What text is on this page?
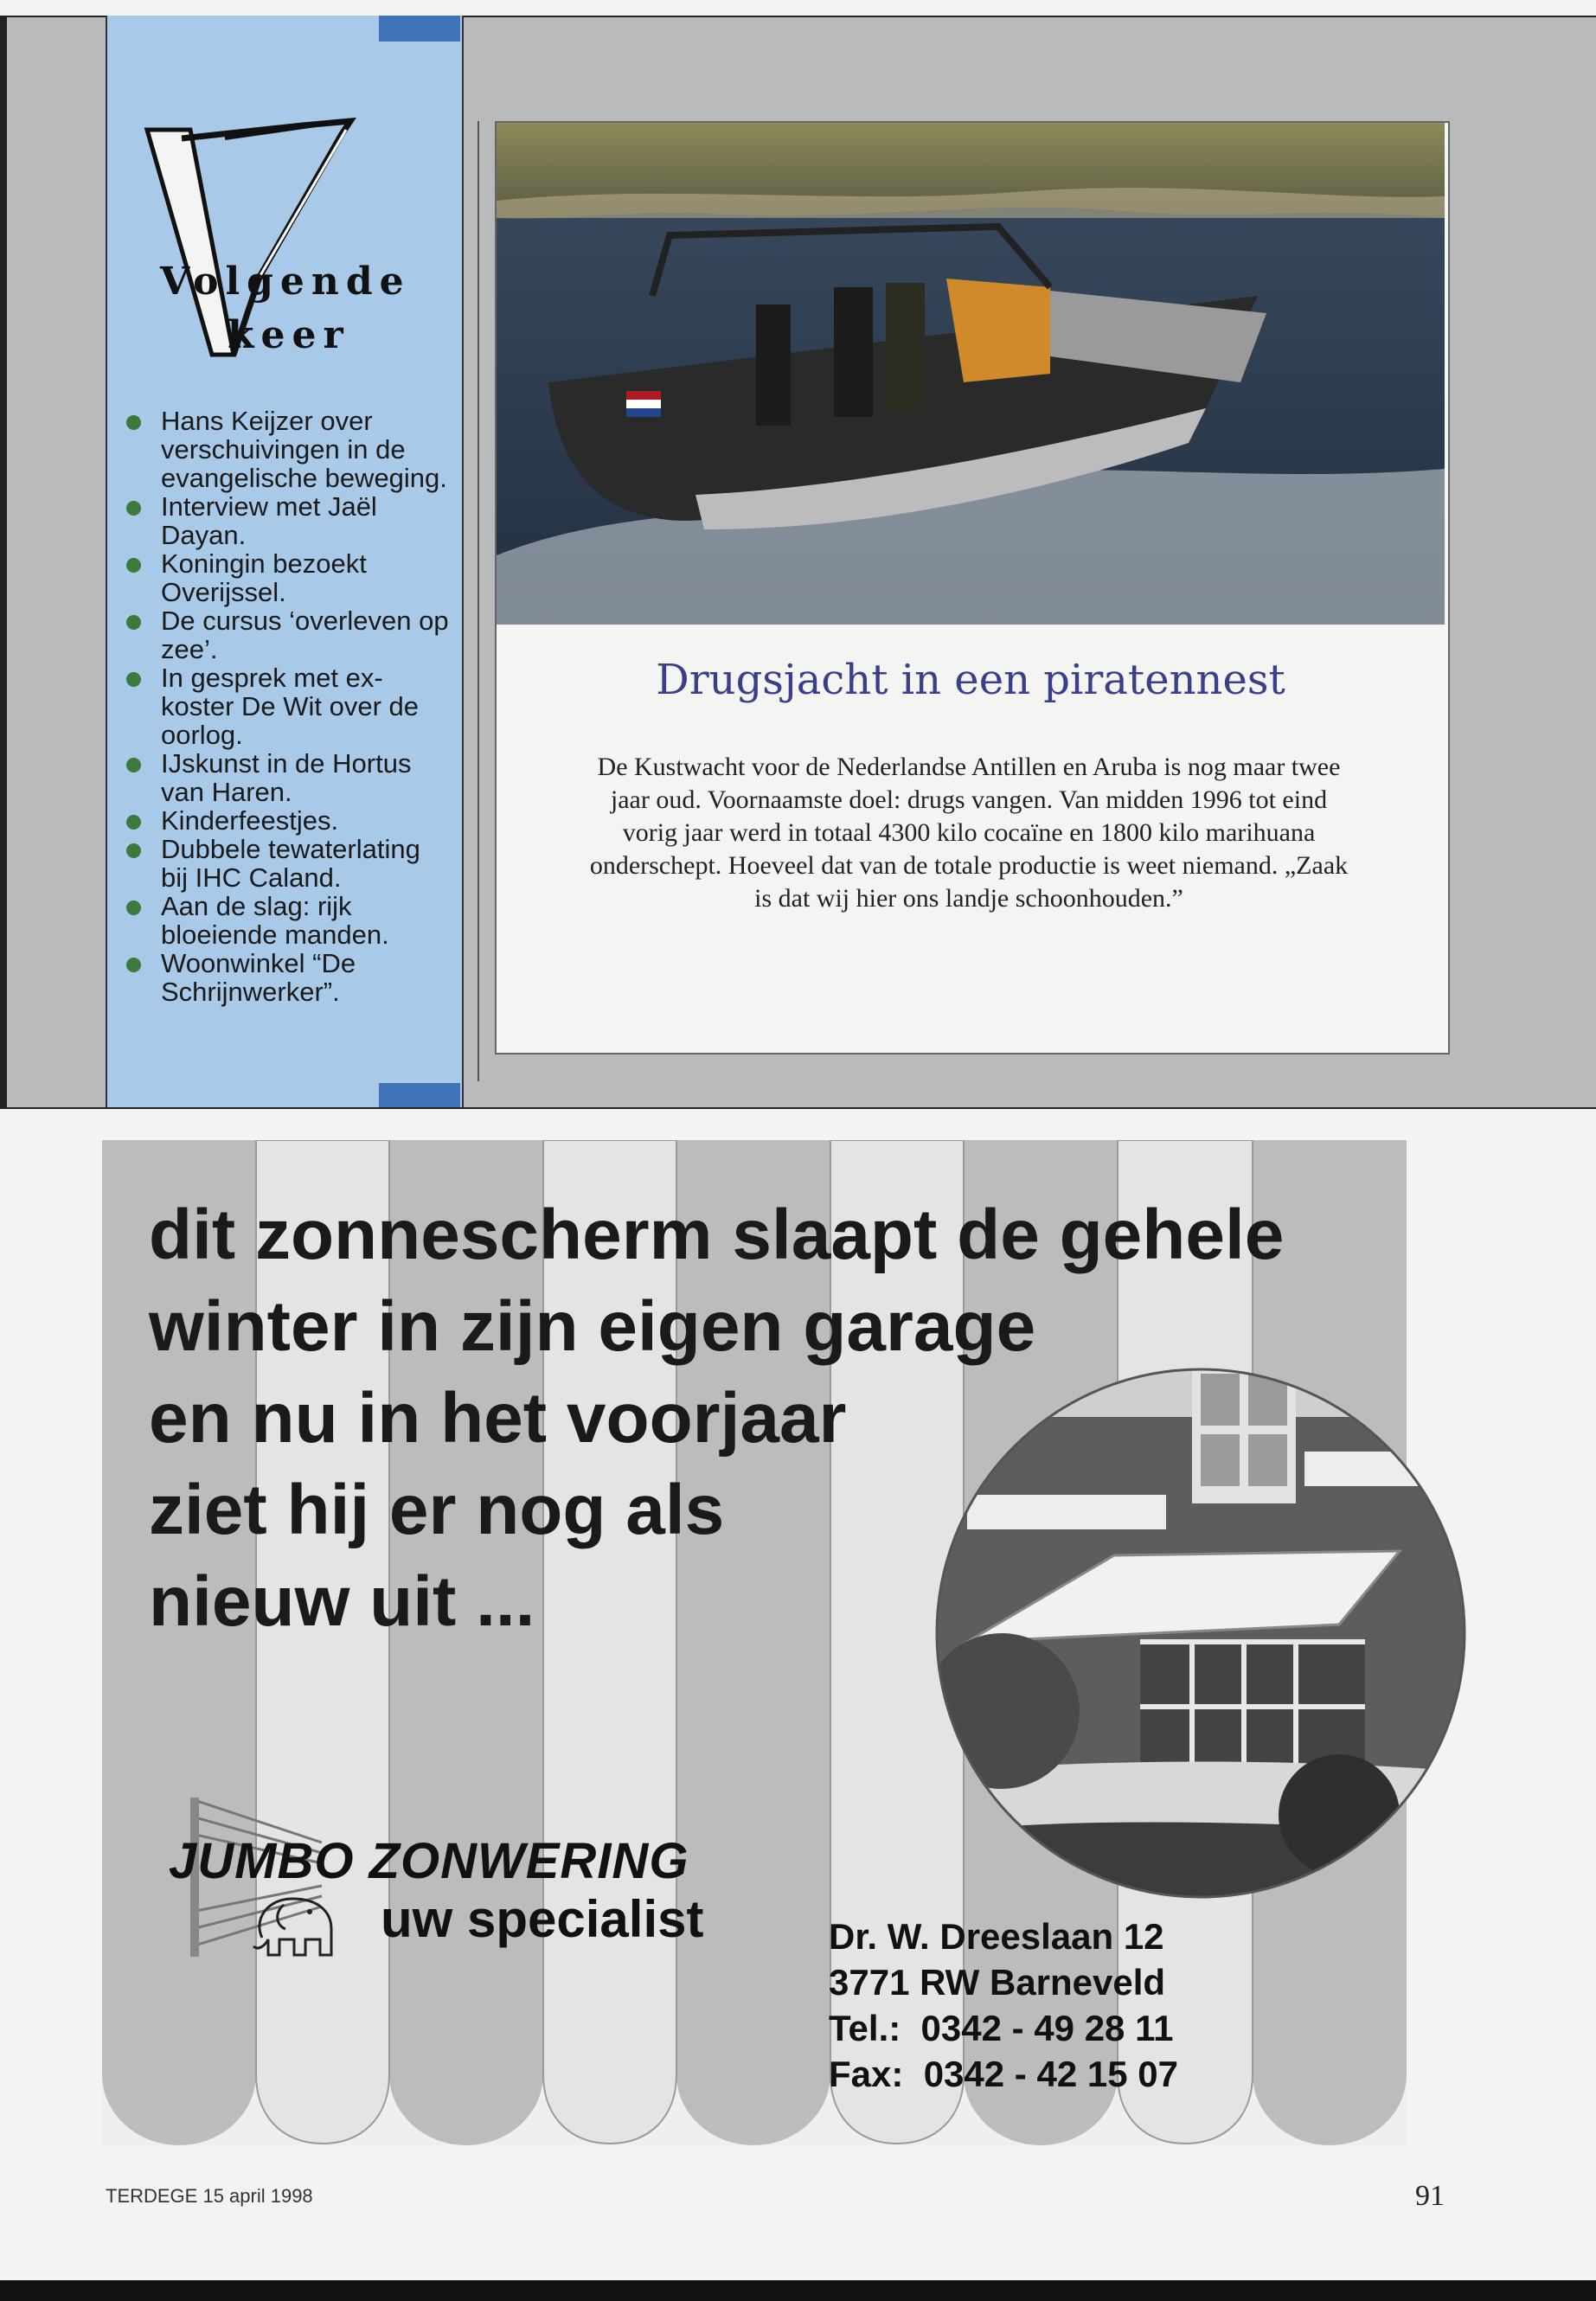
Volgende
keer
Hans Keijzer over verschuivingen in de evangelische beweging.
Interview met Jaël Dayan.
Koningin bezoekt Overijssel.
De cursus ‘overleven op zee’.
In gesprek met ex-koster De Wit over de oorlog.
IJskunst in de Hortus van Haren.
Kinderfeestjes.
Dubbele tewaterlating bij IHC Caland.
Aan de slag: rijk bloeiende manden.
Woonwinkel “De Schrijnwerker”.
Drugsjacht in een piratennest
De Kustwacht voor de Nederlandse Antillen en Aruba is nog maar twee jaar oud. Voornaamste doel: drugs vangen. Van midden 1996 tot eind vorig jaar werd in totaal 4300 kilo cocaïne en 1800 kilo marihuana onderschept. Hoeveel dat van de totale productie is weet niemand. „Zaak is dat wij hier ons landje schoonhouden.”
dit zonnescherm slaapt de gehele
winter in zijn eigen garage
en nu in het voorjaar
ziet hij er nog als
nieuw uit ...
JUMBO ZONWERING
uw specialist	Dr. W. Dreeslaan 12
3771 RW Barneveld
Tel.:  0342 - 49 28 11
Fax:  0342 - 42 15 07
TERDEGE 15 april 1998	91
